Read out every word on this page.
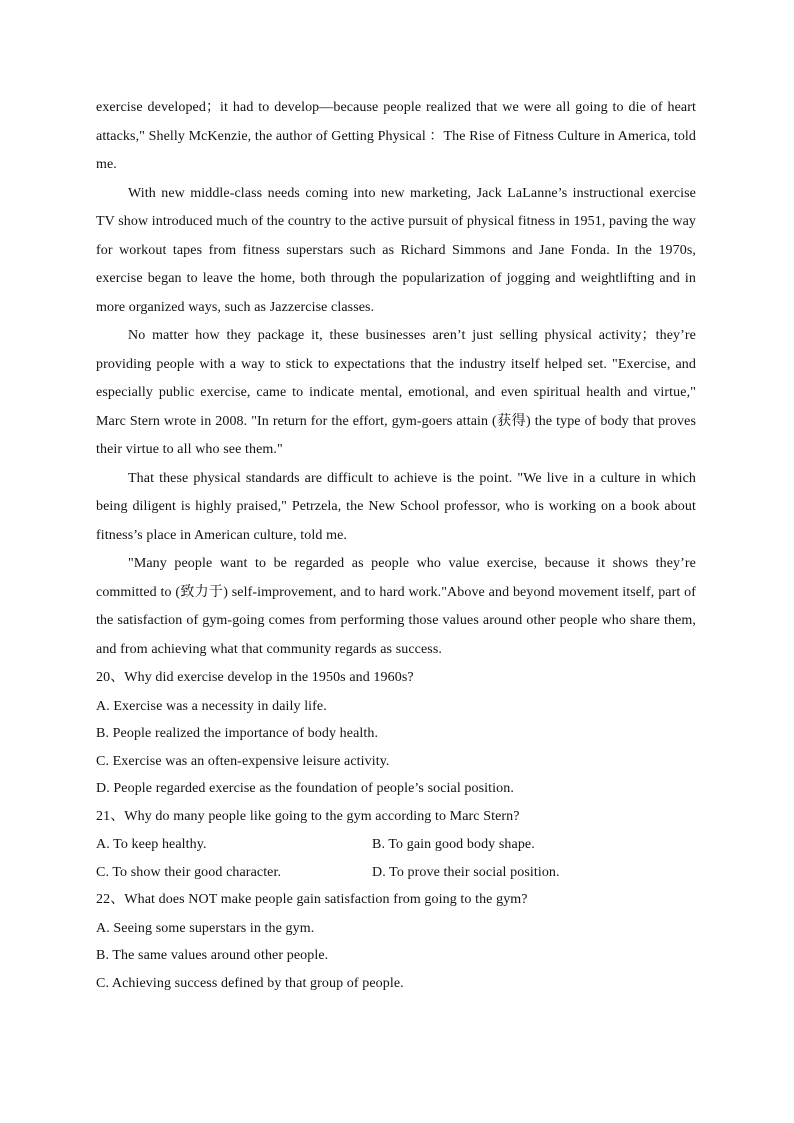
exercise developed；it had to develop—because people realized that we were all going to die of heart attacks," Shelly McKenzie, the author of Getting Physical ：The Rise of Fitness Culture in America, told me.

With new middle-class needs coming into new marketing, Jack LaLanne’s instructional exercise TV show introduced much of the country to the active pursuit of physical fitness in 1951, paving the way for workout tapes from fitness superstars such as Richard Simmons and Jane Fonda. In the 1970s, exercise began to leave the home, both through the popularization of jogging and weightlifting and in more organized ways, such as Jazzercise classes.

No matter how they package it, these businesses aren’t just selling physical activity；they’re providing people with a way to stick to expectations that the industry itself helped set. "Exercise, and especially public exercise, came to indicate mental, emotional, and even spiritual health and virtue," Marc Stern wrote in 2008. "In return for the effort, gym-goers attain (获得) the type of body that proves their virtue to all who see them."

That these physical standards are difficult to achieve is the point. "We live in a culture in which being diligent is highly praised," Petrzela, the New School professor, who is working on a book about fitness’s place in American culture, told me.

"Many people want to be regarded as people who value exercise, because it shows they’re committed to (致力于) self-improvement, and to hard work."Above and beyond movement itself, part of the satisfaction of gym-going comes from performing those values around other people who share them, and from achieving what that community regards as success.

20、Why did exercise develop in the 1950s and 1960s?

A. Exercise was a necessity in daily life.

B. People realized the importance of body health.

C. Exercise was an often-expensive leisure activity.

D. People regarded exercise as the foundation of people’s social position.

21、Why do many people like going to the gym according to Marc Stern?

A. To keep healthy.	B. To gain good body shape.
C. To show their good character.	D. To prove their social position.

22、What does NOT make people gain satisfaction from going to the gym?

A. Seeing some superstars in the gym.

B. The same values around other people.

C. Achieving success defined by that group of people.
